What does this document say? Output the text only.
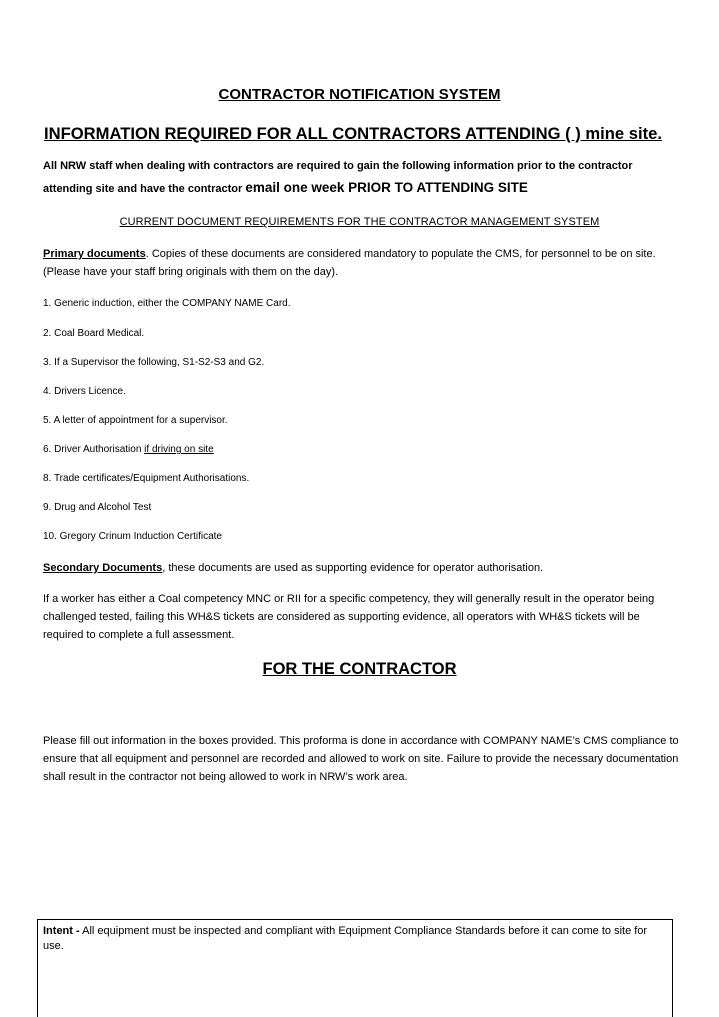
CONTRACTOR NOTIFICATION SYSTEM
INFORMATION REQUIRED FOR ALL CONTRACTORS ATTENDING ( ) mine site.
All NRW staff when dealing with contractors are required to gain the following information prior to the contractor attending site and have the contractor email one week PRIOR TO ATTENDING SITE
CURRENT DOCUMENT REQUIREMENTS FOR THE CONTRACTOR MANAGEMENT SYSTEM
Primary documents. Copies of these documents are considered mandatory to populate the CMS, for personnel to be on site. (Please have your staff bring originals with them on the day).
1. Generic induction, either the COMPANY NAME Card.
2. Coal Board Medical.
3. If a Supervisor the following, S1-S2-S3 and G2.
4. Drivers Licence.
5. A letter of appointment for a supervisor.
6. Driver Authorisation if driving on site
8. Trade certificates/Equipment Authorisations.
9. Drug and Alcohol Test
10. Gregory Crinum Induction Certificate
Secondary Documents, these documents are used as supporting evidence for operator authorisation.
If a worker has either a Coal competency MNC or RII for a specific competency, they will generally result in the operator being challenged tested, failing this WH&S tickets are considered as supporting evidence, all operators with WH&S tickets will be required to complete a full assessment.
FOR THE CONTRACTOR
Please fill out information in the boxes provided. This proforma is done in accordance with COMPANY NAME’s CMS compliance to ensure that all equipment and personnel are recorded and allowed to work on site. Failure to provide the necessary documentation shall result in the contractor not being allowed to work in NRW’s work area.
Intent - All equipment must be inspected and compliant with Equipment Compliance Standards before it can come to site for use.
